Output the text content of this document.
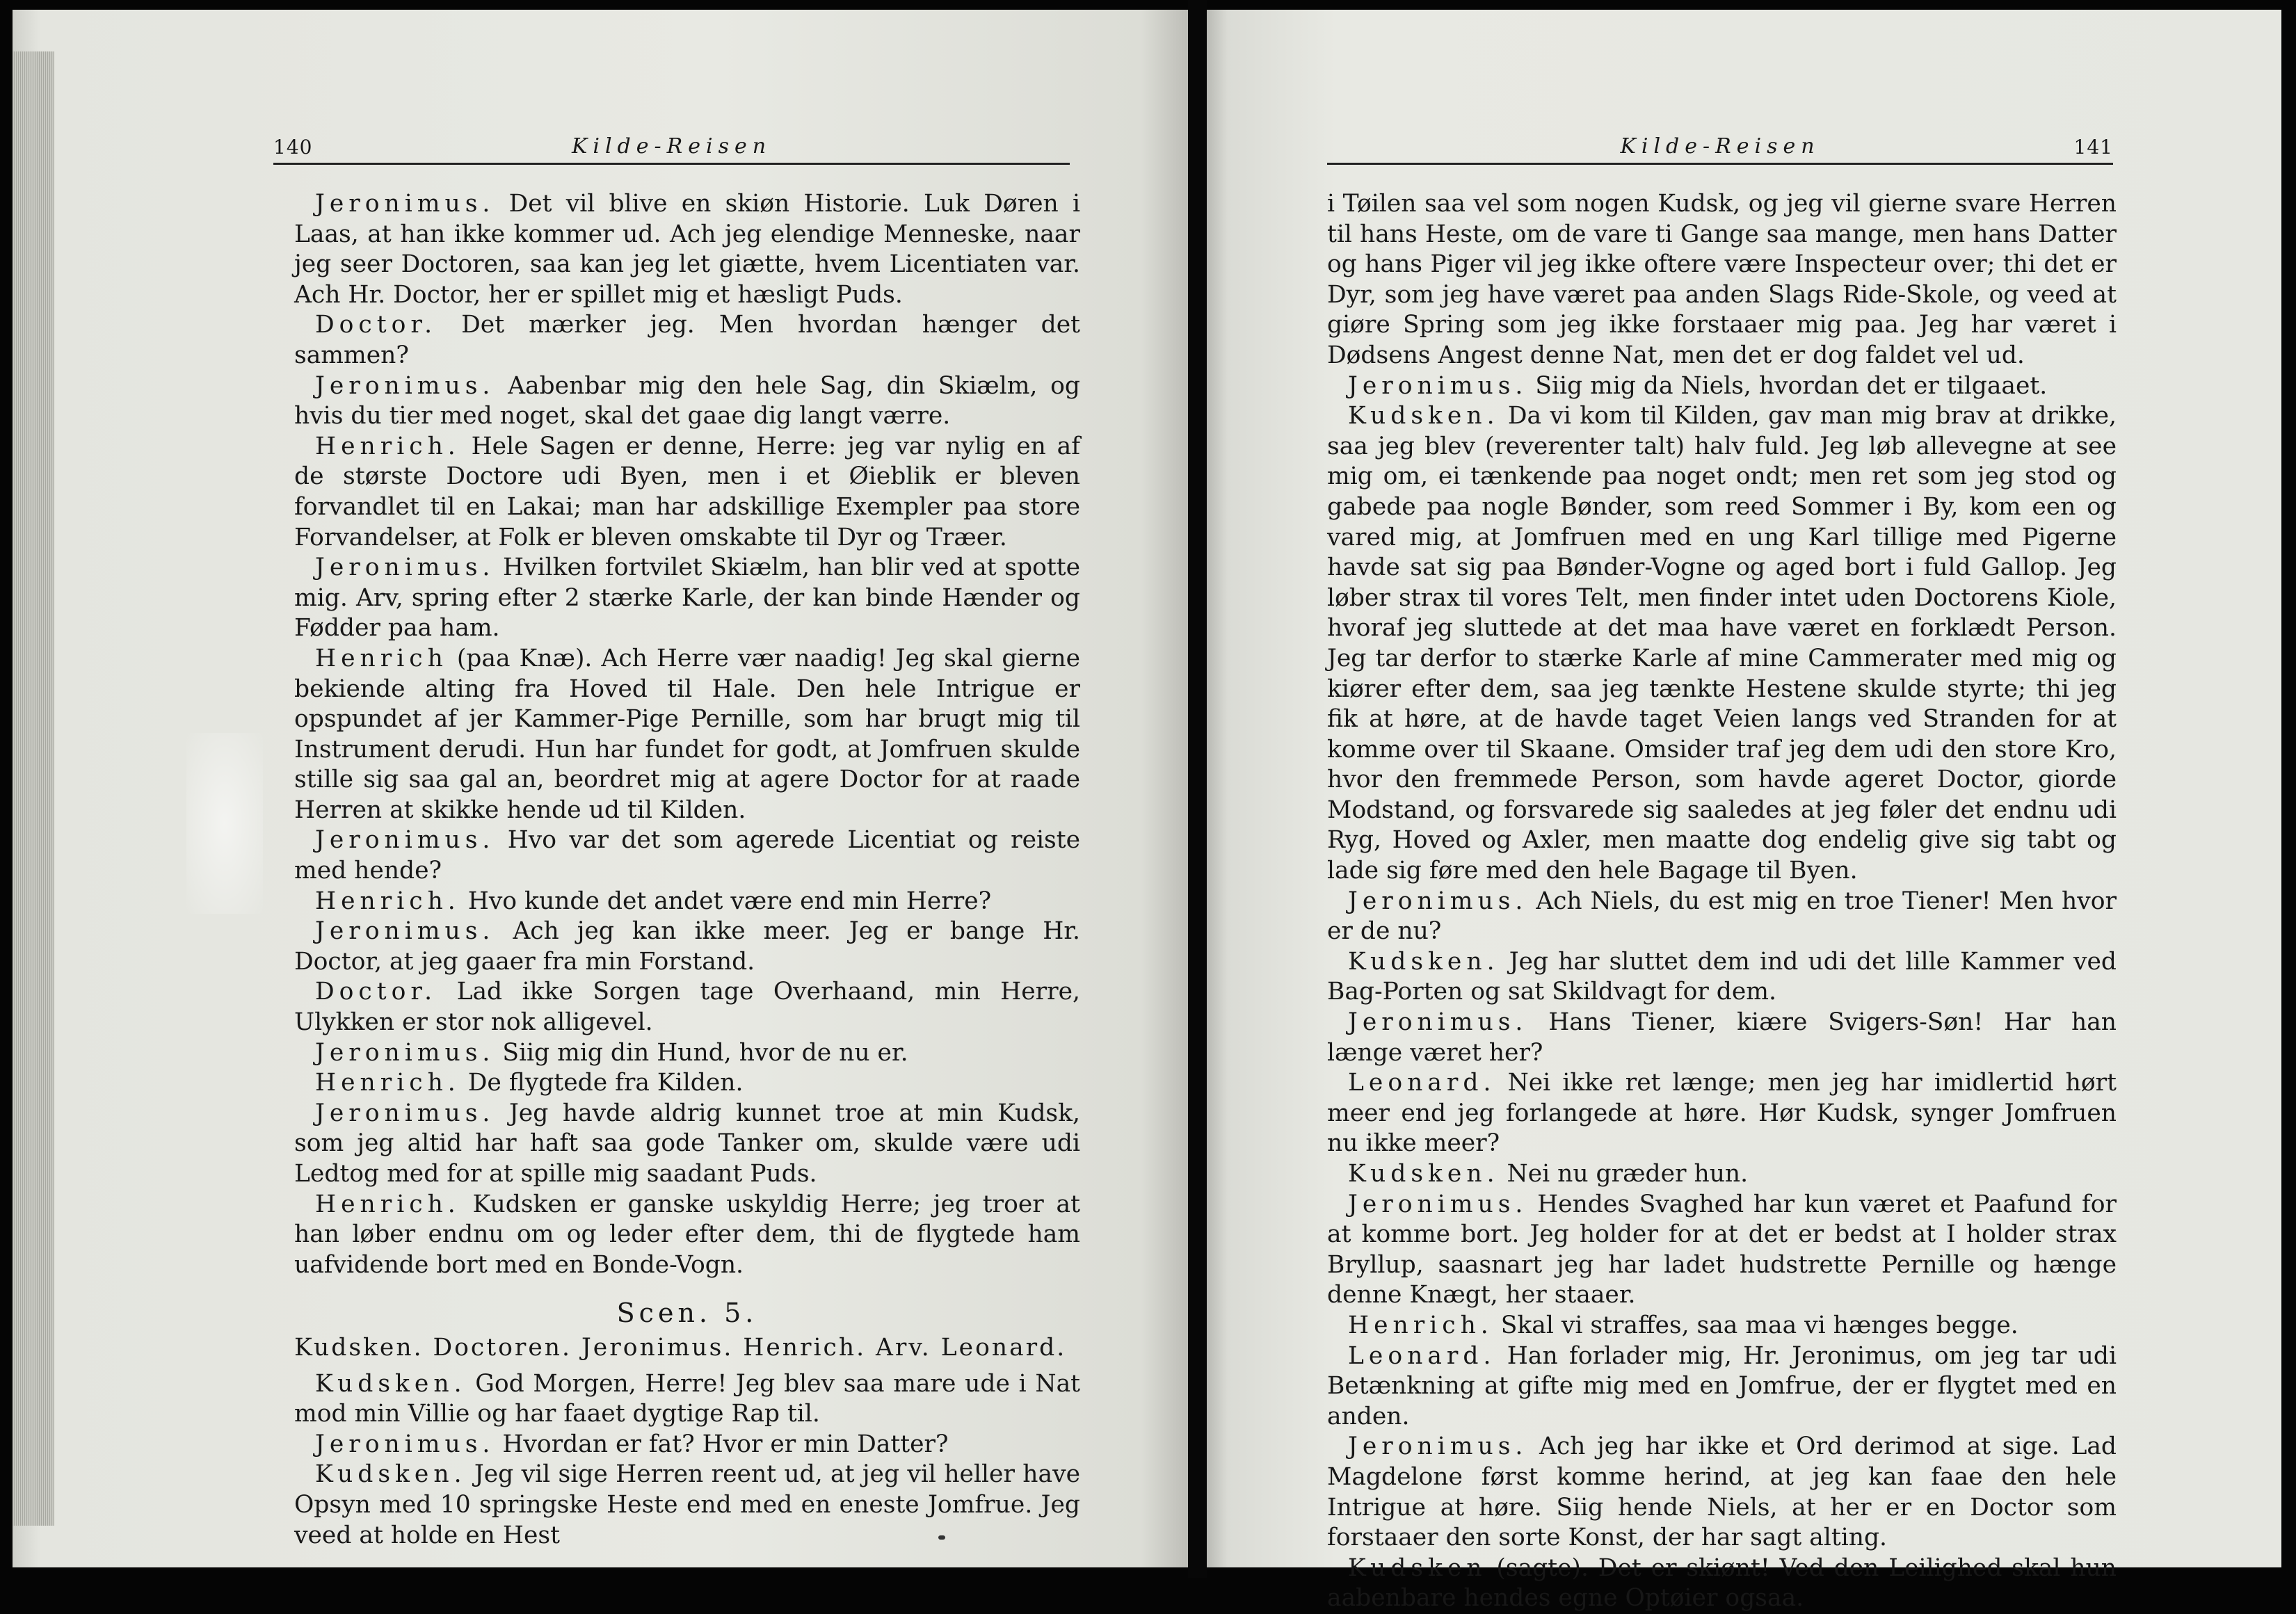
140	Kilde-Reisen

Jeronimus. Det vil blive en skiøn Historie. Luk Døren i Laas, at han ikke kommer ud. Ach jeg elendige Menneske, naar jeg seer Doctoren, saa kan jeg let giætte, hvem Licentiaten var. Ach Hr. Doctor, her er spillet mig et hæsligt Puds.

Doctor. Det mærker jeg. Men hvordan hænger det sammen?

Jeronimus. Aabenbar mig den hele Sag, din Skiælm, og hvis du tier med noget, skal det gaae dig langt værre.

Henrich. Hele Sagen er denne, Herre: jeg var nylig en af de største Doctore udi Byen, men i et Øieblik er bleven forvandlet til en Lakai; man har adskillige Exempler paa store Forvandelser, at Folk er bleven omskabte til Dyr og Træer.

Jeronimus. Hvilken fortvilet Skiælm, han blir ved at spotte mig. Arv, spring efter 2 stærke Karle, der kan binde Hænder og Fødder paa ham.

Henrich (paa Knæ). Ach Herre vær naadig! Jeg skal gierne bekiende alting fra Hoved til Hale. Den hele Intrigue er opspundet af jer Kammer-Pige Pernille, som har brugt mig til Instrument derudi. Hun har fundet for godt, at Jomfruen skulde stille sig saa gal an, beordret mig at agere Doctor for at raade Herren at skikke hende ud til Kilden.

Jeronimus. Hvo var det som agerede Licentiat og reiste med hende?

Henrich. Hvo kunde det andet være end min Herre?

Jeronimus. Ach jeg kan ikke meer. Jeg er bange Hr. Doctor, at jeg gaaer fra min Forstand.

Doctor. Lad ikke Sorgen tage Overhaand, min Herre, Ulykken er stor nok alligevel.

Jeronimus. Siig mig din Hund, hvor de nu er.

Henrich. De flygtede fra Kilden.

Jeronimus. Jeg havde aldrig kunnet troe at min Kudsk, som jeg altid har haft saa gode Tanker om, skulde være udi Ledtog med for at spille mig saadant Puds.

Henrich. Kudsken er ganske uskyldig Herre; jeg troer at han løber endnu om og leder efter dem, thi de flygtede ham uafvidende bort med en Bonde-Vogn.

Scen. 5.

Kudsken. Doctoren. Jeronimus. Henrich. Arv. Leonard.

Kudsken. God Morgen, Herre! Jeg blev saa mare ude i Nat mod min Villie og har faaet dygtige Rap til.

Jeronimus. Hvordan er fat? Hvor er min Datter?

Kudsken. Jeg vil sige Herren reent ud, at jeg vil heller have Opsyn med 10 springske Heste end med en eneste Jomfrue. Jeg veed at holde en Hest

Kilde-Reisen	141

i Tøilen saa vel som nogen Kudsk, og jeg vil gierne svare Herren til hans Heste, om de vare ti Gange saa mange, men hans Datter og hans Piger vil jeg ikke oftere være Inspecteur over; thi det er Dyr, som jeg have været paa anden Slags Ride-Skole, og veed at giøre Spring som jeg ikke forstaaer mig paa. Jeg har været i Dødsens Angest denne Nat, men det er dog faldet vel ud.

Jeronimus. Siig mig da Niels, hvordan det er tilgaaet.

Kudsken. Da vi kom til Kilden, gav man mig brav at drikke, saa jeg blev (reverenter talt) halv fuld. Jeg løb allevegne at see mig om, ei tænkende paa noget ondt; men ret som jeg stod og gabede paa nogle Bønder, som reed Sommer i By, kom een og vared mig, at Jomfruen med en ung Karl tillige med Pigerne havde sat sig paa Bønder-Vogne og aged bort i fuld Gallop. Jeg løber strax til vores Telt, men finder intet uden Doctorens Kiole, hvoraf jeg sluttede at det maa have været en forklædt Person. Jeg tar derfor to stærke Karle af mine Cammerater med mig og kiører efter dem, saa jeg tænkte Hestene skulde styrte; thi jeg fik at høre, at de havde taget Veien langs ved Stranden for at komme over til Skaane. Omsider traf jeg dem udi den store Kro, hvor den fremmede Person, som havde ageret Doctor, giorde Modstand, og forsvarede sig saaledes at jeg føler det endnu udi Ryg, Hoved og Axler, men maatte dog endelig give sig tabt og lade sig føre med den hele Bagage til Byen.

Jeronimus. Ach Niels, du est mig en troe Tiener! Men hvor er de nu?

Kudsken. Jeg har sluttet dem ind udi det lille Kammer ved Bag-Porten og sat Skildvagt for dem.

Jeronimus. Hans Tiener, kiære Svigers-Søn! Har han længe været her?

Leonard. Nei ikke ret længe; men jeg har imidlertid hørt meer end jeg forlangede at høre. Hør Kudsk, synger Jomfruen nu ikke meer?

Kudsken. Nei nu græder hun.

Jeronimus. Hendes Svaghed har kun været et Paafund for at komme bort. Jeg holder for at det er bedst at I holder strax Bryllup, saasnart jeg har ladet hudstrette Pernille og hænge denne Knægt, her staaer.

Henrich. Skal vi straffes, saa maa vi hænges begge.

Leonard. Han forlader mig, Hr. Jeronimus, om jeg tar udi Betænkning at gifte mig med en Jomfrue, der er flygtet med en anden.

Jeronimus. Ach jeg har ikke et Ord derimod at sige. Lad Magdelone først komme herind, at jeg kan faae den hele Intrigue at høre. Siig hende Niels, at her er en Doctor som forstaaer den sorte Konst, der har sagt alting.

Kudsken (sagte). Det er skiønt! Ved den Leilighed skal hun aabenbare hendes egne Optøier ogsaa.
